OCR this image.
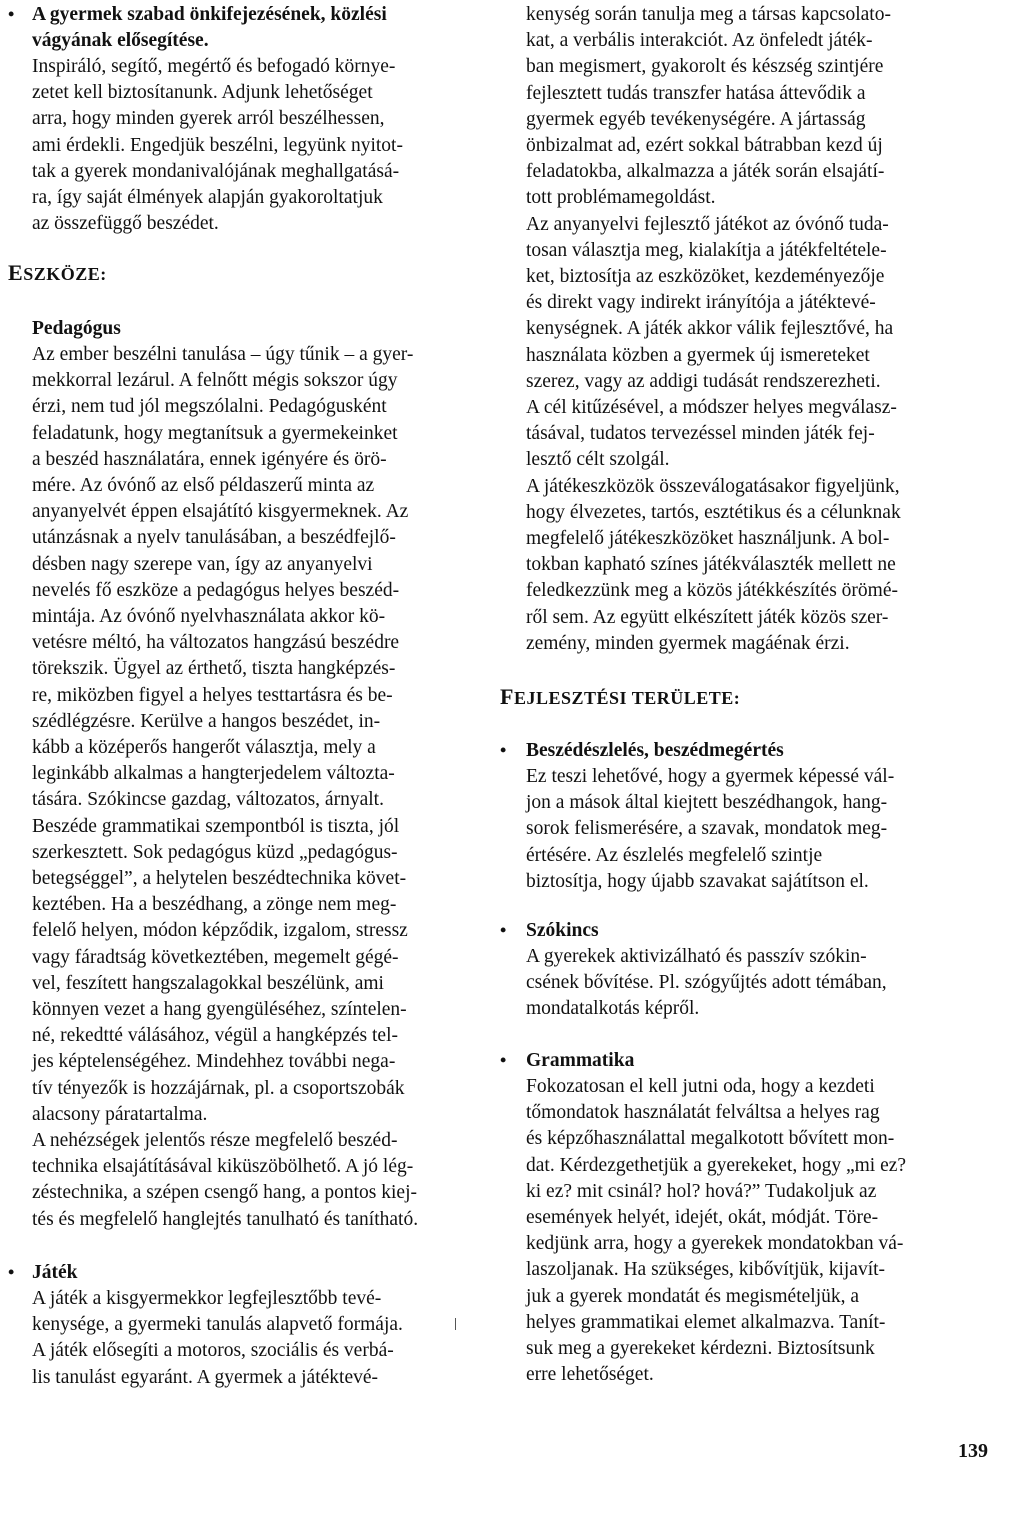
• A gyermek szabad önkifejezésének, közlési
vágyának elősegítése.
Inspiráló, segítő, megértő és befogadó környe-
zetet kell biztosítanunk. Adjunk lehetőséget
arra, hogy minden gyerek arról beszélhessen,
ami érdekli. Engedjük beszélni, legyünk nyitot-
tak a gyerek mondanivalójának meghallgatásá-
ra, így saját élmények alapján gyakoroltatjuk
az összefüggő beszédet.
ESZKÖZE:
Pedagógus
Az ember beszélni tanulása – úgy tűnik – a gyer-
mekkorral lezárul. A felnőtt mégis sokszor úgy
érzi, nem tud jól megszólalni. Pedagógusként
feladatunk, hogy megtanítsuk a gyermekeinket
a beszéd használatára, ennek igényére és örö-
mére. Az óvónő az első példaszerű minta az
anyanyelvét éppen elsajátító kisgyermeknek. Az
utánzásnak a nyelv tanulásában, a beszédfejlő-
désben nagy szerepe van, így az anyanyelvi
nevelés fő eszköze a pedagógus helyes beszéd-
mintája. Az óvónő nyelvhasználata akkor kö-
vetésre méltó, ha változatos hangzású beszédre
törekszik. Ügyel az érthető, tiszta hangképzés-
re, miközben figyel a helyes testtartásra és be-
szédlégzésre. Kerülve a hangos beszédet, in-
kább a középerős hangerőt választja, mely a
leginkább alkalmas a hangterjedelem változta-
tására. Szókincse gazdag, változatos, árnyalt.
Beszéde grammatikai szempontból is tiszta, jól
szerkesztett. Sok pedagógus küzd „pedagógus-
betegséggel”, a helytelen beszédtechnika követ-
keztében. Ha a beszédhang, a zönge nem meg-
felelő helyen, módon képződik, izgalom, stressz
vagy fáradtság következtében, megemelt gégé-
vel, feszített hangszalagokkal beszélünk, ami
könnyen vezet a hang gyengüléséhez, színtelen-
né, rekedtté válásához, végül a hangképzés tel-
jes képtelenségéhez. Mindehhez további nega-
tív tényezők is hozzájárnak, pl. a csoportszobák
alacsony páratartalma.
A nehézségek jelentős része megfelelő beszéd-
technika elsajátításával kiküszöbölhető. A jó lég-
zéstechnika, a szépen csengő hang, a pontos kiej-
tés és megfelelő hanglejtés tanulható és tanítható.
• Játék
A játék a kisgyermekkor legfejlesztőbb tevé-
kenysége, a gyermeki tanulás alapvető formája.
A játék elősegíti a motoros, szociális és verbá-
lis tanulást egyaránt. A gyermek a játéktevé-
kenység során tanulja meg a társas kapcsolato-
kat, a verbális interakciót. Az önfeledt játék-
ban megismert, gyakorolt és készség szintjére
fejlesztett tudás transzfer hatása áttevődik a
gyermek egyéb tevékenységére. A jártasság
önbizalmat ad, ezért sokkal bátrabban kezd új
feladatokba, alkalmazza a játék során elsajátí-
tott problémamegoldást.
Az anyanyelvi fejlesztő játékot az óvónő tuda-
tosan választja meg, kialakítja a játékfeltétele-
ket, biztosítja az eszközöket, kezdeményezője
és direkt vagy indirekt irányítója a játéktevé-
kenységnek. A játék akkor válik fejlesztővé, ha
használata közben a gyermek új ismereteket
szerez, vagy az addigi tudását rendszerezheti.
A cél kitűzésével, a módszer helyes megválasz-
tásával, tudatos tervezéssel minden játék fej-
lesztő célt szolgál.
A játékeszközök összeválogatásakor figyeljünk,
hogy élvezetes, tartós, esztétikus és a célunknak
megfelelő játékeszközöket használjunk. A bol-
tokban kapható színes játékválaszték mellett ne
feledkezzünk meg a közös játékkészítés örömé-
ről sem. Az együtt elkészített játék közös szer-
zemény, minden gyermek magáénak érzi.
FEJLESZTÉSI TERÜLETE:
• Beszédészlelés, beszédmegértés
Ez teszi lehetővé, hogy a gyermek képessé vál-
jon a mások által kiejtett beszédhangok, hang-
sorok felismerésére, a szavak, mondatok meg-
értésére. Az észlelés megfelelő szintje
biztosítja, hogy újabb szavakat sajátítson el.
• Szókincs
A gyerekek aktivizálható és passzív szókin-
csének bővítése. Pl. szógyűjtés adott témában,
mondatalkotás képről.
• Grammatika
Fokozatosan el kell jutni oda, hogy a kezdeti
tőmondatok használatát felváltsa a helyes rag
és képzőhasználattal megalkotott bővített mon-
dat. Kérdezgethetjük a gyerekeket, hogy „mi ez?
ki ez? mit csinál? hol? hová?” Tudakoljuk az
események helyét, idejét, okát, módját. Töre-
kedjünk arra, hogy a gyerekek mondatokban vá-
laszoljanak. Ha szükséges, kibővítjük, kijavít-
juk a gyerek mondatát és megismételjük, a
helyes grammatikai elemet alkalmazva. Tanít-
suk meg a gyerekeket kérdezni. Biztosítsunk
erre lehetőséget.
139
